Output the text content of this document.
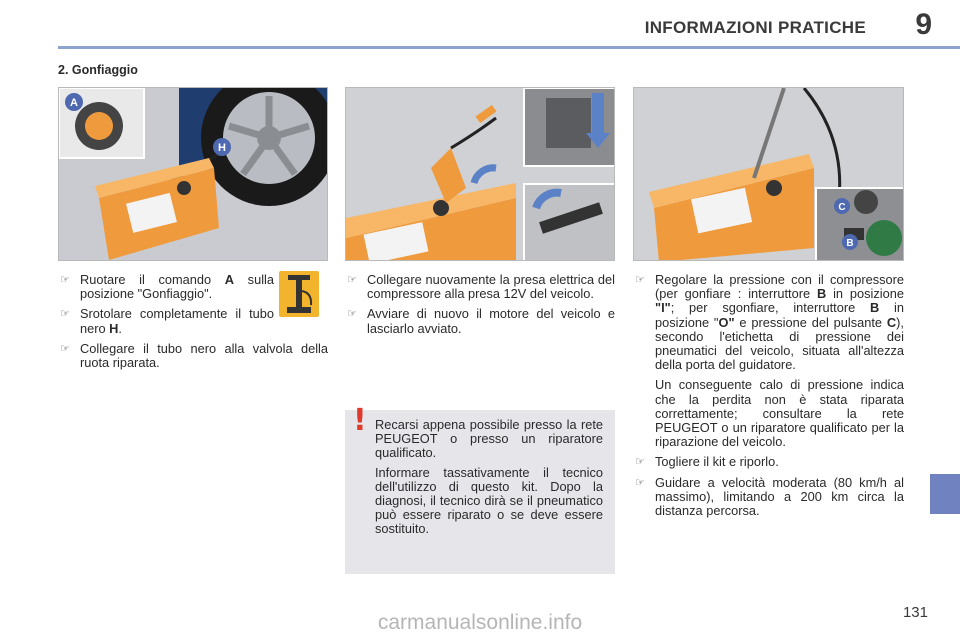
INFORMAZIONI PRATICHE 9
2. Gonfiaggio
A
H
C
B
☞ Ruotare il comando A sulla posizione "Gonfiaggio".
☞ Srotolare completamente il tubo nero H.
☞ Collegare il tubo nero alla valvola della ruota riparata.
☞ Collegare nuovamente la presa elettrica del compressore alla presa 12V del veicolo.
☞ Avviare di nuovo il motore del veicolo e lasciarlo avviato.
! Recarsi appena possibile presso la rete PEUGEOT o presso un riparatore qualificato.

Informare tassativamente il tecnico dell'utilizzo di questo kit. Dopo la diagnosi, il tecnico dirà se il pneumatico può essere riparato o se deve essere sostituito.

☞ Regolare la pressione con il compressore (per gonfiare : interruttore B in posizione "I"; per sgonfiare, interruttore B in posizione "O" e pressione del pulsante C), secondo l'etichetta di pressione dei pneumatici del veicolo, situata all'altezza della porta del guidatore.
Un conseguente calo di pressione indica che la perdita non è stata riparata correttamente; consultare la rete PEUGEOT o un riparatore qualificato per la riparazione del veicolo.
☞ Togliere il kit e riporlo.
☞ Guidare a velocità moderata (80 km/h al massimo), limitando a 200 km circa la distanza percorsa.
131
carmanualsonline.info
